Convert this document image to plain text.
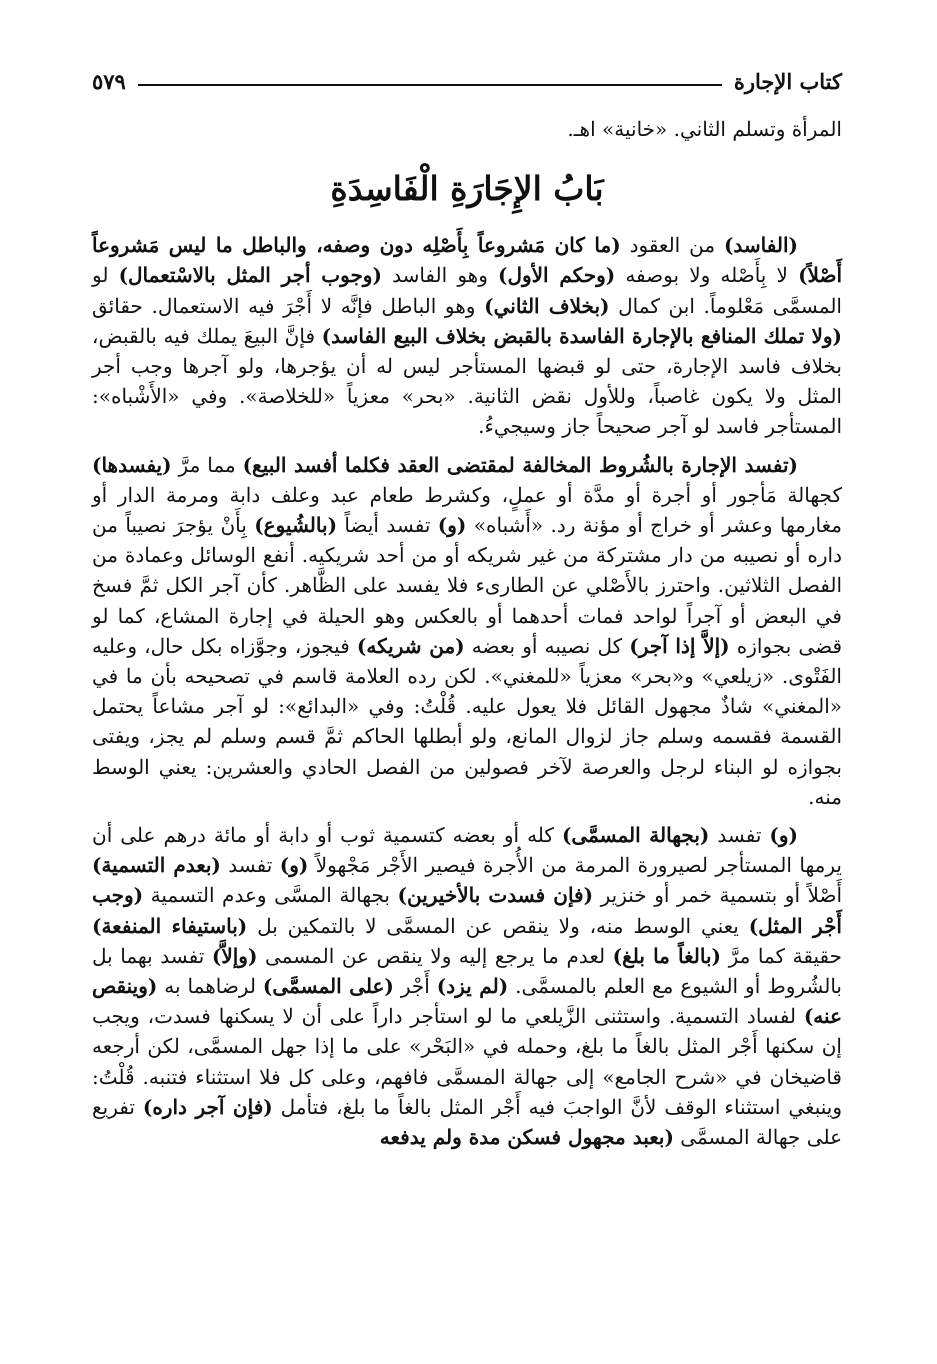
كتاب الإجارة
٥٧٩

المرأة وتسلم الثاني. «خانية» اهـ.

بَابُ الإِجَارَةِ الْفَاسِدَةِ

(الفاسد) من العقود (ما كان مَشروعاً بِأَصْلِه دون وصفه، والباطل ما ليس مَشروعاً أَصْلاً) لا بِأَصْله ولا بوصفه (وحكم الأول) وهو الفاسد (وجوب أجر المثل بالاسْتعمال) لو المسمَّى مَعْلوماً. ابن كمال (بخلاف الثاني) وهو الباطل فإنَّه لا أَجْرَ فيه الاستعمال. حقائق (ولا تملك المنافع بالإجارة الفاسدة بالقبض بخلاف البيع الفاسد) فإنَّ البيعَ يملك فيه بالقبض، بخلاف فاسد الإجارة، حتى لو قبضها المستأجر ليس له أن يؤجرها، ولو آجرها وجب أجر المثل ولا يكون غاصباً، وللأول نقض الثانية. «بحر» معزياً «للخلاصة». وفي «الأَشْباه»: المستأجر فاسد لو آجر صحيحاً جاز وسيجيءُ.

(تفسد الإجارة بالشُروط المخالفة لمقتضى العقد فكلما أفسد البيع) مما مرَّ (يفسدها) كجهالة مَأجور أو أجرة أو مدَّة أو عملٍ، وكشرط طعام عبد وعلف دابة ومرمة الدار أو مغارمها وعشر أو خراج أو مؤنة رد. «أَشباه» (و) تفسد أيضاً (بالشُيوع) بِأَنْ يؤجرَ نصيباً من داره أو نصيبه من دار مشتركة من غير شريكه أو من أحد شريكيه. أنفع الوسائل وعمادة من الفصل الثلاثين. واحترز بالأَصْلي عن الطارىء فلا يفسد على الظَّاهر. كأن آجر الكل ثمَّ فسخ في البعض أو آجراً لواحد فمات أحدهما أو بالعكس وهو الحيلة في إجارة المشاع، كما لو قضى بجوازه (إلاَّ إذا آجر) كل نصيبه أو بعضه (من شريكه) فيجوز، وجوَّزاه بكل حال، وعليه الفَتْوى. «زيلعي» و«بحر» معزياً «للمغني». لكن رده العلامة قاسم في تصحيحه بأن ما في «المغني» شاذٌ مجهول القائل فلا يعول عليه. قُلْتُ: وفي «البدائع»: لو آجر مشاعاً يحتمل القسمة فقسمه وسلم جاز لزوال المانع، ولو أبطلها الحاكم ثمَّ قسم وسلم لم يجز، ويفتى بجوازه لو البناء لرجل والعرصة لآخر فصولين من الفصل الحادي والعشرين: يعني الوسط منه.

(و) تفسد (بجهالة المسمَّى) كله أو بعضه كتسمية ثوب أو دابة أو مائة درهم على أن يرمها المستأجر لصيرورة المرمة من الأُجرة فيصير الأَجْر مَجْهولاً (و) تفسد (بعدم التسمية) أَصْلاً أو بتسمية خمر أو خنزير (فإن فسدت بالأخيرين) بجهالة المسَّى وعدم التسمية (وجب أَجْر المثل) يعني الوسط منه، ولا ينقص عن المسمَّى لا بالتمكين بل (باستيفاء المنفعة) حقيقة كما مرَّ (بالغاً ما بلغ) لعدم ما يرجع إليه ولا ينقص عن المسمى (وإلاَّ) تفسد بهما بل بالشُروط أو الشيوع مع العلم بالمسمَّى. (لم يزد) أَجْر (على المسمَّى) لرضاهما به (وينقص عنه) لفساد التسمية. واستثنى الزَّيلعي ما لو استأجر داراً على أن لا يسكنها فسدت، ويجب إن سكنها أَجْر المثل بالغاً ما بلغ، وحمله في «البَحْر» على ما إذا جهل المسمَّى، لكن أرجعه قاضيخان في «شرح الجامع» إلى جهالة المسمَّى فافهم، وعلى كل فلا استثناء فتنبه. قُلْتُ: وينبغي استثناء الوقف لأنَّ الواجبَ فيه أَجْر المثل بالغاً ما بلغ، فتأمل (فإن آجر داره) تفريع على جهالة المسمَّى (بعبد مجهول فسكن مدة ولم يدفعه
